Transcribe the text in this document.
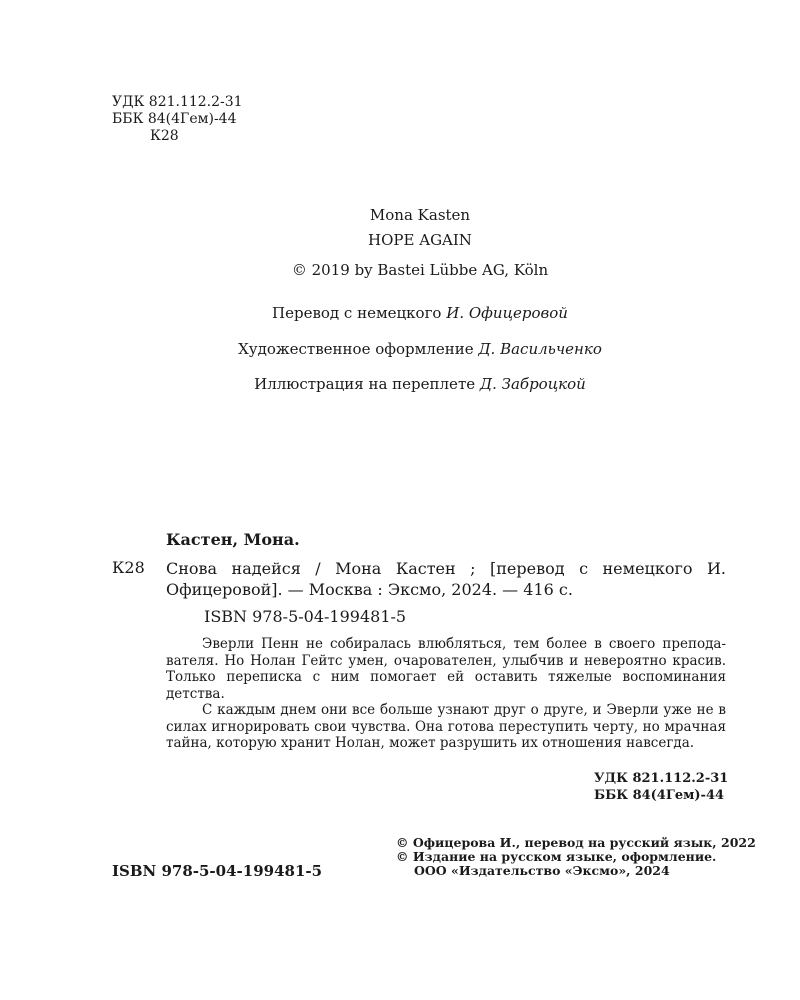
УДК 821.112.2-31
ББК 84(4Гем)-44
К28
Mona Kasten
HOPE AGAIN
© 2019 by Bastei Lübbe AG, Köln
Перевод с немецкого И. Офицеровой
Художественное оформление Д. Васильченко
Иллюстрация на переплете Д. Заброцкой
Кастен, Мона.
К28 Снова надейся / Мона Кастен ; [перевод с немецкого И. Офицеровой]. — Москва : Эксмо, 2024. — 416 с.
ISBN 978-5-04-199481-5

Эверли Пенн не собиралась влюбляться, тем более в своего преподавателя. Но Нолан Гейтс умен, очарователен, улыбчив и невероятно красив. Только переписка с ним помогает ей оставить тяжелые воспоминания детства.

С каждым днем они все больше узнают друг о друге, и Эверли уже не в силах игнорировать свои чувства. Она готова переступить черту, но мрачная тайна, которую хранит Нолан, может разрушить их отношения навсегда.

УДК 821.112.2-31
ББК 84(4Гем)-44
© Офицерова И., перевод на русский язык, 2022
© Издание на русском языке, оформление.
ООО «Издательство «Эксмо», 2024
ISBN 978-5-04-199481-5
